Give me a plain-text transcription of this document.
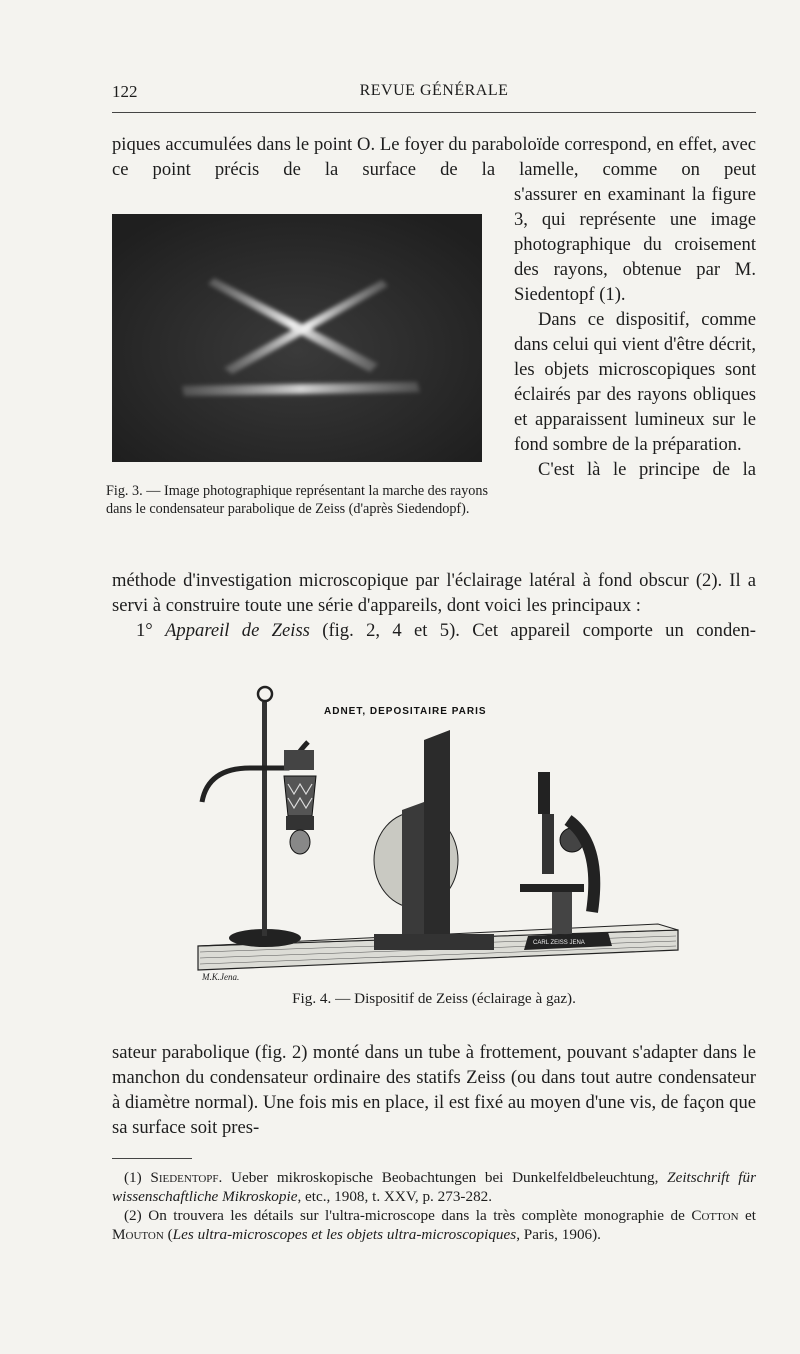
122	REVUE GÉNÉRALE
piques accumulées dans le point O. Le foyer du paraboloïde correspond, en effet, avec ce point précis de la surface de la lamelle, comme on peut
Fig. 3. — Image photographique représentant la marche des rayons dans le condensateur parabolique de Zeiss (d'après Siedendopf).

s'assurer en examinant la figure 3, qui représente une image photographique du croisement des rayons, obtenue par M. Siedentopf (1).

Dans ce dispositif, comme dans celui qui vient d'être décrit, les objets microscopiques sont éclairés par des rayons obliques et apparaissent lumineux sur le fond sombre de la préparation.

C'est là le principe de la

méthode d'investigation microscopique par l'éclairage latéral à fond obscur (2). Il a servi à construire toute une série d'appareils, dont voici les principaux :
1° Appareil de Zeiss (fig. 2, 4 et 5). Cet appareil comporte un conden-
ADNET, DEPOSITAIRE PARIS
CARL ZEISS JENA
M.K.Jena.
Fig. 4. — Dispositif de Zeiss (éclairage à gaz).
sateur parabolique (fig. 2) monté dans un tube à frottement, pouvant s'adapter dans le manchon du condensateur ordinaire des statifs Zeiss (ou dans tout autre condensateur à diamètre normal). Une fois mis en place, il est fixé au moyen d'une vis, de façon que sa surface soit pres-

(1) Siedentopf. Ueber mikroskopische Beobachtungen bei Dunkelfeldbeleuchtung, Zeitschrift für wissenschaftliche Mikroskopie, etc., 1908, t. XXV, p. 273-282.

(2) On trouvera les détails sur l'ultra-microscope dans la très complète monographie de Cotton et Mouton (Les ultra-microscopes et les objets ultra-microscopiques, Paris, 1906).
